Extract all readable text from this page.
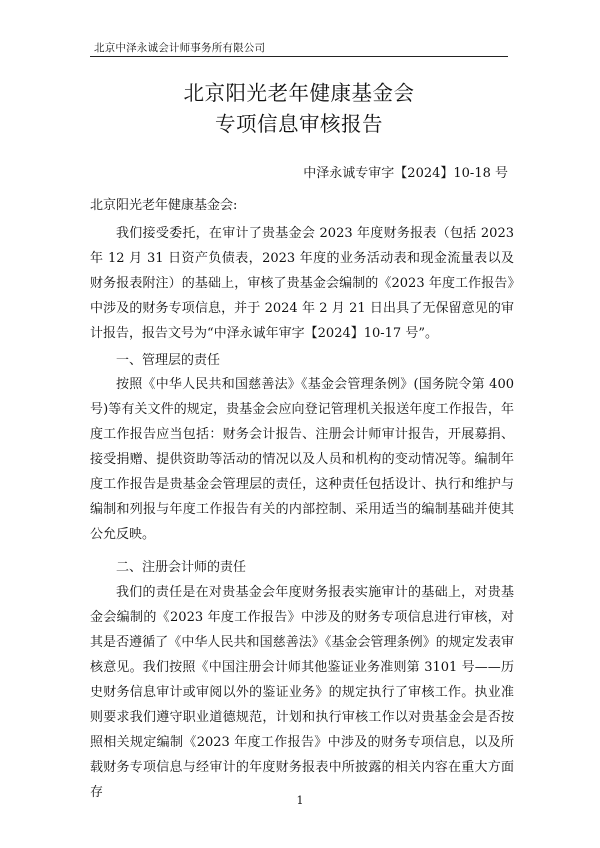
北京中泽永诚会计师事务所有限公司
北京阳光老年健康基金会
专项信息审核报告
中泽永诚专审字【2024】10-18 号
北京阳光老年健康基金会:

我们接受委托，在审计了贵基金会 2023 年度财务报表（包括 2023 年 12 月 31 日资产负债表，2023 年度的业务活动表和现金流量表以及财务报表附注）的基础上，审核了贵基金会编制的《2023 年度工作报告》中涉及的财务专项信息，并于 2024 年 2 月 21 日出具了无保留意见的审计报告，报告文号为“中泽永诚年审字【2024】10-17 号”。

一、管理层的责任

按照《中华人民共和国慈善法》《基金会管理条例》(国务院令第 400 号)等有关文件的规定，贵基金会应向登记管理机关报送年度工作报告，年度工作报告应当包括：财务会计报告、注册会计师审计报告，开展募捐、接受捐赠、提供资助等活动的情况以及人员和机构的变动情况等。编制年度工作报告是贵基金会管理层的责任，这种责任包括设计、执行和维护与编制和列报与年度工作报告有关的内部控制、采用适当的编制基础并使其公允反映。

二、注册会计师的责任

我们的责任是在对贵基金会年度财务报表实施审计的基础上，对贵基金会编制的《2023 年度工作报告》中涉及的财务专项信息进行审核，对其是否遵循了《中华人民共和国慈善法》《基金会管理条例》的规定发表审核意见。我们按照《中国注册会计师其他鉴证业务准则第 3101 号——历史财务信息审计或审阅以外的鉴证业务》的规定执行了审核工作。执业准则要求我们遵守职业道德规范，计划和执行审核工作以对贵基金会是否按照相关规定编制《2023 年度工作报告》中涉及的财务专项信息，以及所载财务专项信息与经审计的年度财务报表中所披露的相关内容在重大方面存

1
